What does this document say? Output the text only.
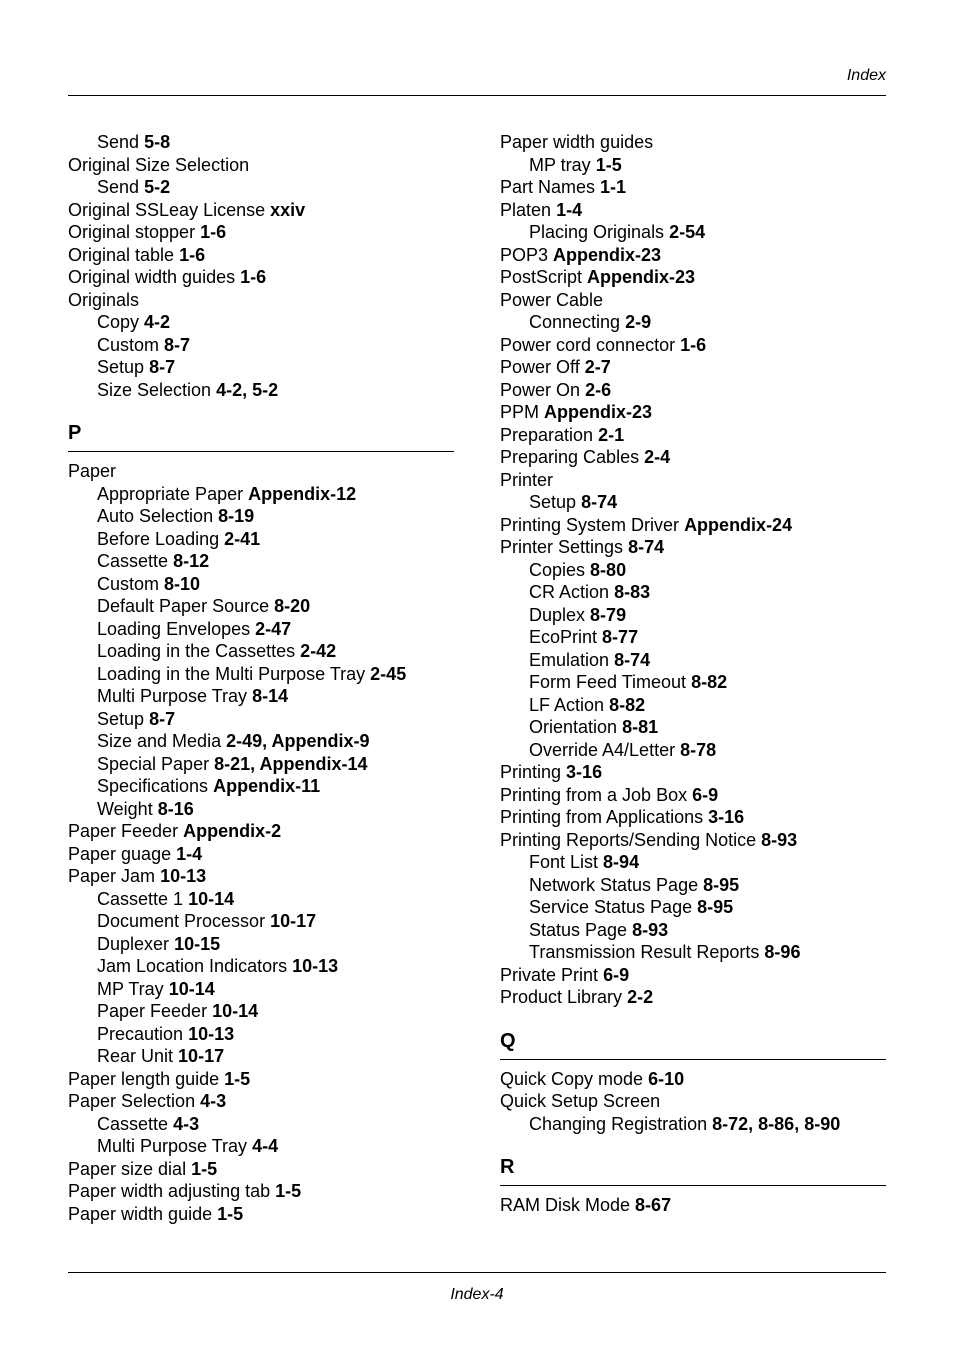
Index
Send 5-8
Original Size Selection
Send 5-2
Original SSLeay License xxiv
Original stopper 1-6
Original table 1-6
Original width guides 1-6
Originals
Copy 4-2
Custom 8-7
Setup 8-7
Size Selection 4-2, 5-2
P
Paper
Appropriate Paper Appendix-12
Auto Selection 8-19
Before Loading 2-41
Cassette 8-12
Custom 8-10
Default Paper Source 8-20
Loading Envelopes 2-47
Loading in the Cassettes 2-42
Loading in the Multi Purpose Tray 2-45
Multi Purpose Tray 8-14
Setup 8-7
Size and Media 2-49, Appendix-9
Special Paper 8-21, Appendix-14
Specifications Appendix-11
Weight 8-16
Paper Feeder Appendix-2
Paper guage 1-4
Paper Jam 10-13
Cassette 1 10-14
Document Processor 10-17
Duplexer 10-15
Jam Location Indicators 10-13
MP Tray 10-14
Paper Feeder 10-14
Precaution 10-13
Rear Unit 10-17
Paper length guide 1-5
Paper Selection 4-3
Cassette 4-3
Multi Purpose Tray 4-4
Paper size dial 1-5
Paper width adjusting tab 1-5
Paper width guide 1-5
Paper width guides
MP tray 1-5
Part Names 1-1
Platen 1-4
Placing Originals 2-54
POP3 Appendix-23
PostScript Appendix-23
Power Cable
Connecting 2-9
Power cord connector 1-6
Power Off 2-7
Power On 2-6
PPM Appendix-23
Preparation 2-1
Preparing Cables 2-4
Printer
Setup 8-74
Printing System Driver Appendix-24
Printer Settings 8-74
Copies 8-80
CR Action 8-83
Duplex 8-79
EcoPrint 8-77
Emulation 8-74
Form Feed Timeout 8-82
LF Action 8-82
Orientation 8-81
Override A4/Letter 8-78
Printing 3-16
Printing from a Job Box 6-9
Printing from Applications 3-16
Printing Reports/Sending Notice 8-93
Font List 8-94
Network Status Page 8-95
Service Status Page 8-95
Status Page 8-93
Transmission Result Reports 8-96
Private Print 6-9
Product Library 2-2
Q
Quick Copy mode 6-10
Quick Setup Screen
Changing Registration 8-72, 8-86, 8-90
R
RAM Disk Mode 8-67
Index-4
